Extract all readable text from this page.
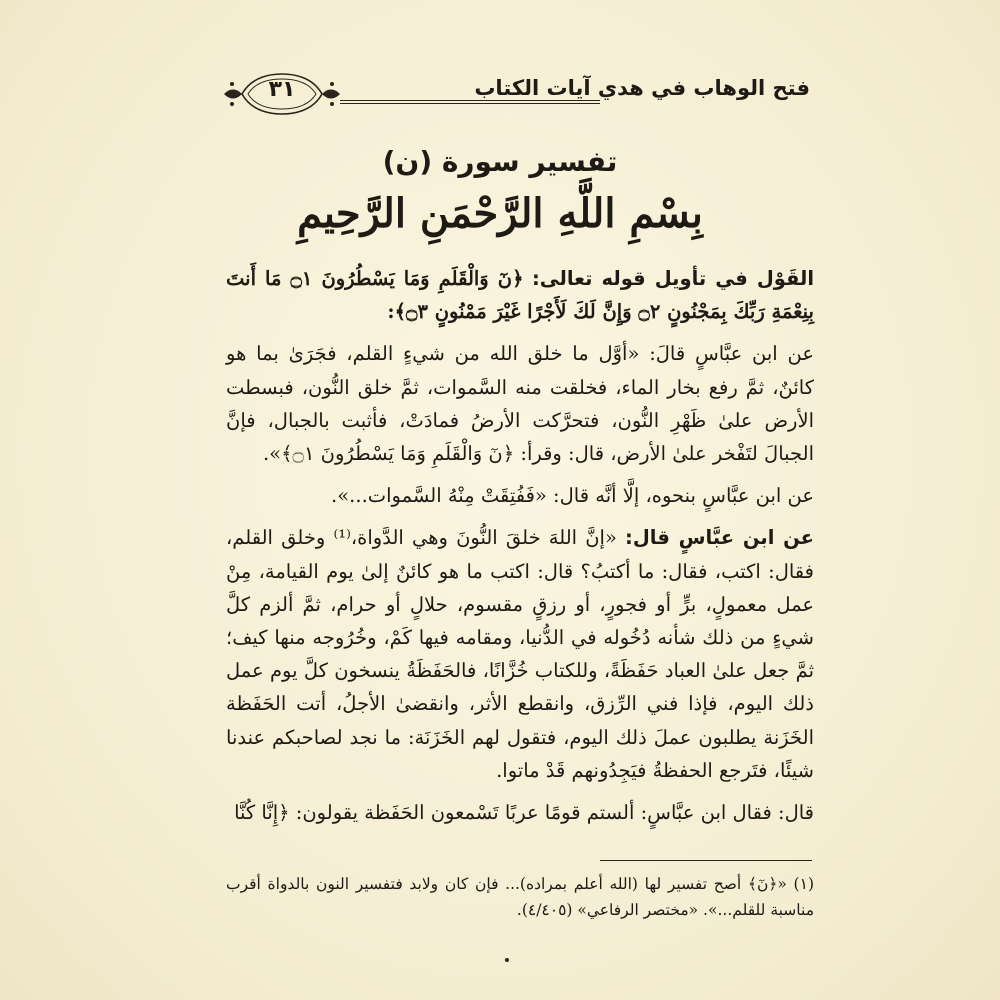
٣١	فتح الوهاب في هدي آيات الكتاب
تفسير سورة (ن)
بِسْمِ اللَّهِ الرَّحْمَنِ الرَّحِيمِ

القَوْل في تأويل قوله تعالى: ﴿نٓ وَالْقَلَمِ وَمَا يَسْطُرُونَ ۝١ مَا أَنتَ بِنِعْمَةِ رَبِّكَ بِمَجْنُونٍ ۝٢ وَإِنَّ لَكَ لَأَجْرًا غَيْرَ مَمْنُونٍ ۝٣﴾:

عن ابن عبَّاسٍ قالَ: «أوَّل ما خلق الله من شيءٍ القلم، فجَرَىٰ بما هو كائنٌ، ثمَّ رفع بخار الماء، فخلقت منه السَّموات، ثمَّ خلق النُّون، فبسطت الأرض علىٰ ظَهْرِ النُّون، فتحرَّكت الأرضُ فمادَتْ، فأثبت بالجبال، فإنَّ الجبالَ لتَفْخر علىٰ الأرض، قال: وقرأ: ﴿نٓ وَالْقَلَمِ وَمَا يَسْطُرُونَ ۝١﴾».

عن ابن عبَّاسٍ بنحوه، إلَّا أنَّه قال: «فَفُتِقَتْ مِنْهُ السَّموات...».

عن ابن عبَّاسٍ قال: «إنَّ اللهَ خلقَ النُّونَ وهي الدَّواة،⁽¹⁾ وخلق القلم، فقال: اكتب، فقال: ما أكتبُ؟ قال: اكتب ما هو كائنٌ إلىٰ يوم القيامة، مِنْ عمل معمولٍ، برٍّ أو فجورٍ، أو رزقٍ مقسوم، حلالٍ أو حرام، ثمَّ ألزم كلَّ شيءٍ من ذلك شأنه دُخُوله في الدُّنيا، ومقامه فيها كَمْ، وخُرُوجه منها كيف؛ ثمَّ جعل علىٰ العباد حَفَظَةً، وللكتاب خُزَّانًا، فالحَفَظَةُ ينسخون كلَّ يوم عمل ذلك اليوم، فإذا فني الرِّزق، وانقطع الأثر، وانقضىٰ الأجلُ، أتت الحَفَظة الخَزَنة يطلبون عملَ ذلك اليوم، فتقول لهم الخَزَنَة: ما نجد لصاحبكم عندنا شيئًا، فتَرجع الحفظةُ فيَجِدُونهم قَدْ ماتوا.

قال: فقال ابن عبَّاسٍ: ألستم قومًا عربًا تَسْمعون الحَفَظة يقولون: ﴿إِنَّا كُنَّا

(١) «﴿نٓ﴾ أصح تفسير لها (الله أعلم بمراده)... فإن كان ولابد فتفسير النون بالدواة أقرب مناسبة للقلم...». «مختصر الرفاعي» (٤/٤٠٥).
